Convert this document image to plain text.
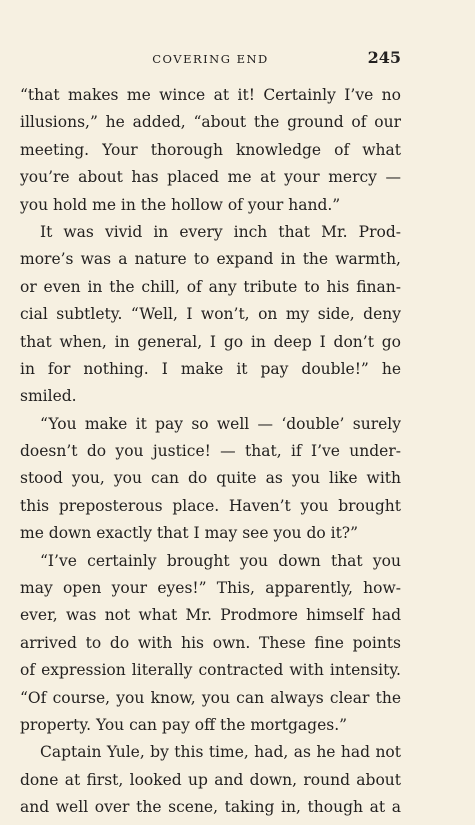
COVERING END	245
“that makes me wince at it! Certainly I’ve no
illusions,” he added, “about the ground of our
meeting. Your thorough knowledge of what
you’re about has placed me at your mercy —
you hold me in the hollow of your hand.”
It was vivid in every inch that Mr. Prod-
more’s was a nature to expand in the warmth,
or even in the chill, of any tribute to his finan-
cial subtlety. “Well, I won’t, on my side, deny
that when, in general, I go in deep I don’t go
in for nothing. I make it pay double!” he
smiled.
“You make it pay so well — ‘double’ surely
doesn’t do you justice! — that, if I’ve under-
stood you, you can do quite as you like with
this preposterous place. Haven’t you brought
me down exactly that I may see you do it?”
“I’ve certainly brought you down that you
may open your eyes!” This, apparently, how-
ever, was not what Mr. Prodmore himself had
arrived to do with his own. These fine points
of expression literally contracted with intensity.
“Of course, you know, you can always clear the
property. You can pay off the mortgages.”
Captain Yule, by this time, had, as he had not
done at first, looked up and down, round about
and well over the scene, taking in, though at a
